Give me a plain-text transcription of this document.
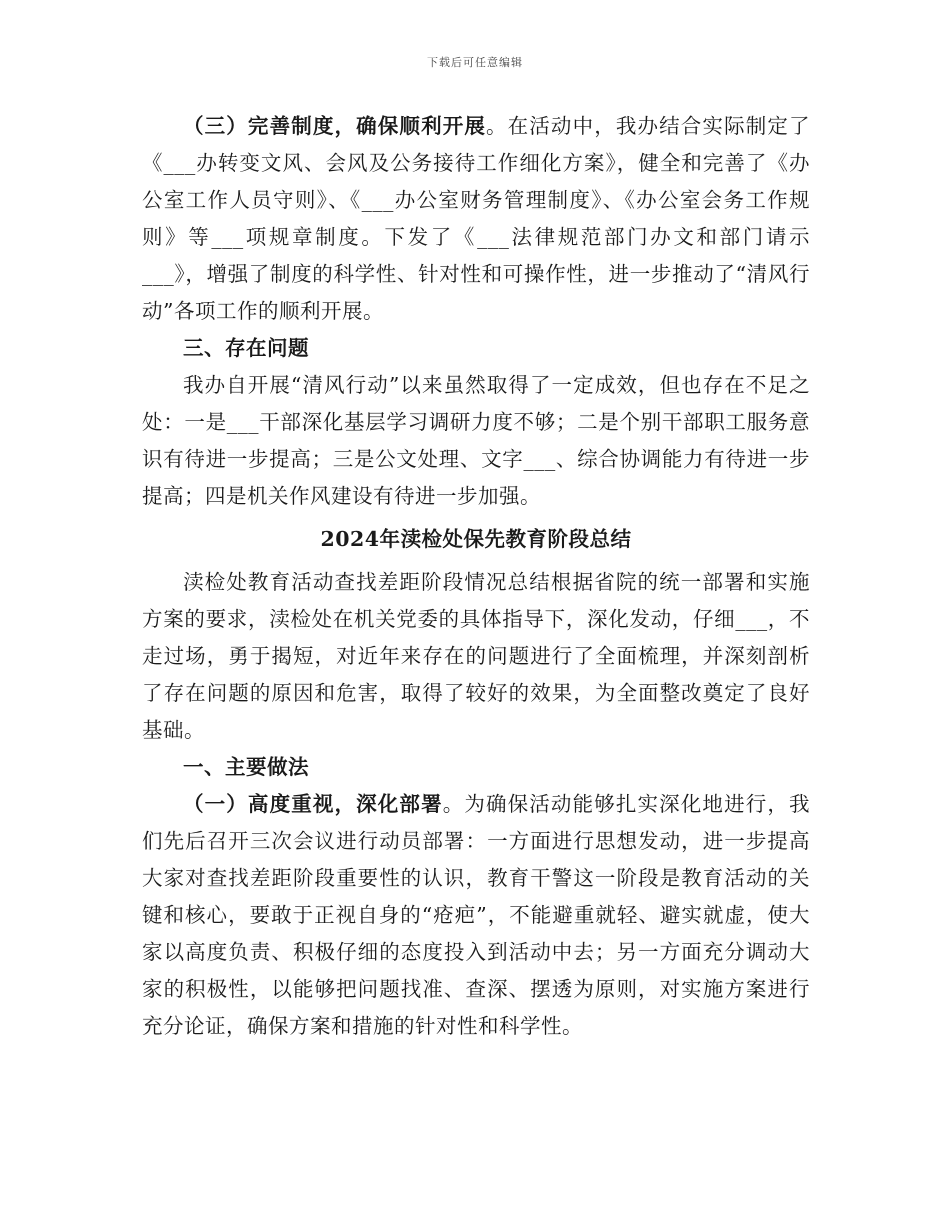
下载后可任意编辑

（三）完善制度，确保顺利开展。在活动中，我办结合实际制定了《___办转变文风、会风及公务接待工作细化方案》，健全和完善了《办公室工作人员守则》、《___办公室财务管理制度》、《办公室会务工作规则》等___项规章制度。下发了《___法律规范部门办文和部门请示___》，增强了制度的科学性、针对性和可操作性，进一步推动了“清风行动”各项工作的顺利开展。

三、存在问题

我办自开展“清风行动”以来虽然取得了一定成效，但也存在不足之处：一是___干部深化基层学习调研力度不够；二是个别干部职工服务意识有待进一步提高；三是公文处理、文字___、综合协调能力有待进一步提高；四是机关作风建设有待进一步加强。

2024年渎检处保先教育阶段总结

渎检处教育活动查找差距阶段情况总结根据省院的统一部署和实施方案的要求，渎检处在机关党委的具体指导下，深化发动，仔细___，不走过场，勇于揭短，对近年来存在的问题进行了全面梳理，并深刻剖析了存在问题的原因和危害，取得了较好的效果，为全面整改奠定了良好基础。

一、主要做法

（一）高度重视，深化部署。为确保活动能够扎实深化地进行，我们先后召开三次会议进行动员部署：一方面进行思想发动，进一步提高大家对查找差距阶段重要性的认识，教育干警这一阶段是教育活动的关键和核心，要敢于正视自身的“疮疤”，不能避重就轻、避实就虚，使大家以高度负责、积极仔细的态度投入到活动中去；另一方面充分调动大家的积极性，以能够把问题找准、查深、摆透为原则，对实施方案进行充分论证，确保方案和措施的针对性和科学性。
